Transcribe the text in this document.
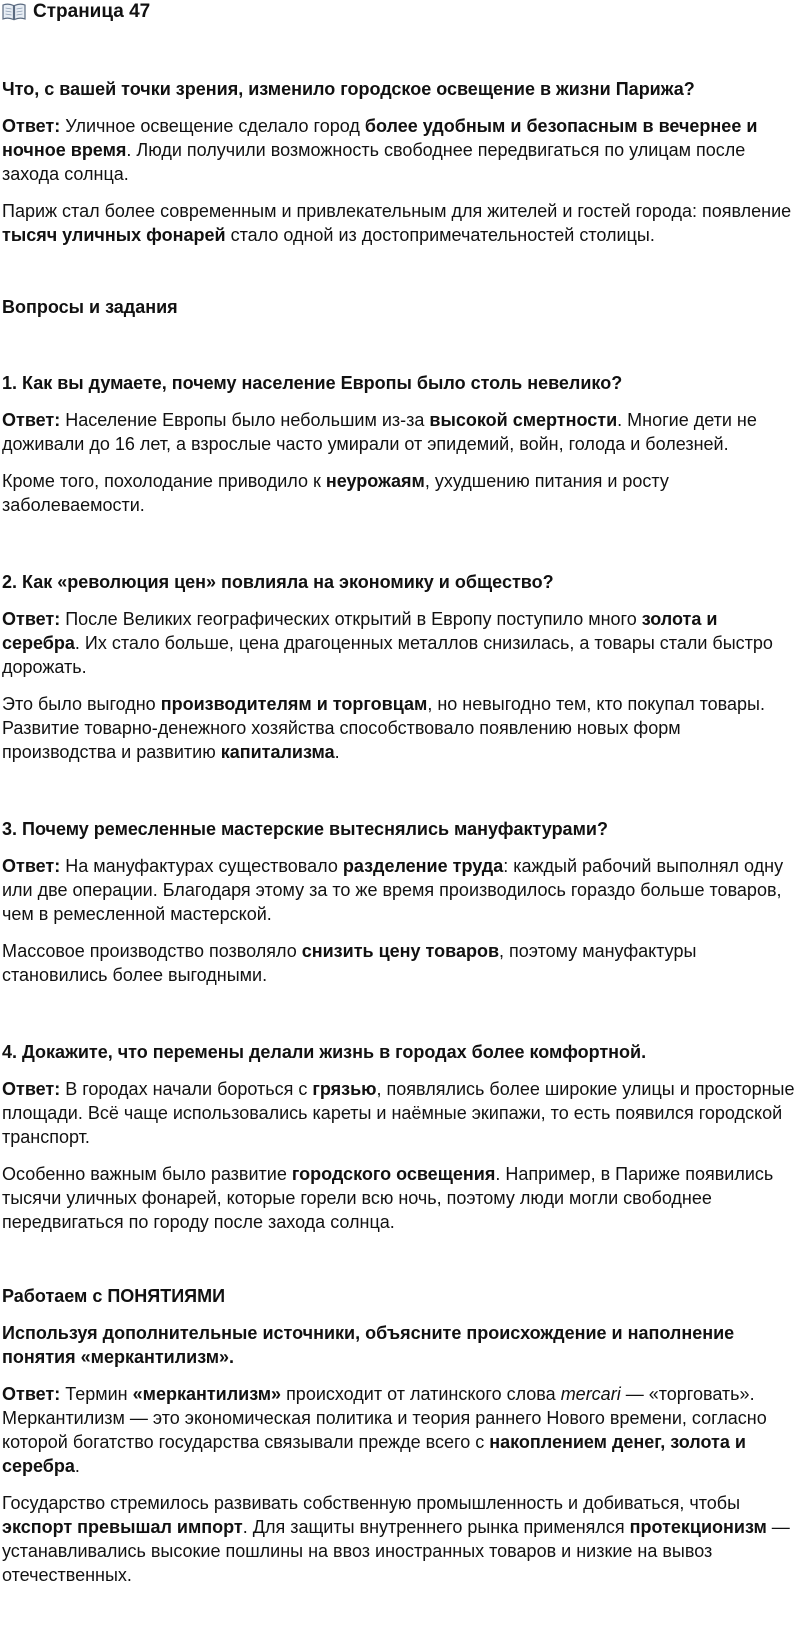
Страница 47

Что, с вашей точки зрения, изменило городское освещение в жизни Парижа?

Ответ: Уличное освещение сделало город более удобным и безопасным в вечернее и ночное время. Люди получили возможность свободнее передвигаться по улицам после захода солнца.

Париж стал более современным и привлекательным для жителей и гостей города: появление тысяч уличных фонарей стало одной из достопримечательностей столицы.

Вопросы и задания

1. Как вы думаете, почему население Европы было столь невелико?

Ответ: Население Европы было небольшим из-за высокой смертности. Многие дети не доживали до 16 лет, а взрослые часто умирали от эпидемий, войн, голода и болезней.

Кроме того, похолодание приводило к неурожаям, ухудшению питания и росту заболеваемости.

2. Как «революция цен» повлияла на экономику и общество?

Ответ: После Великих географических открытий в Европу поступило много золота и серебра. Их стало больше, цена драгоценных металлов снизилась, а товары стали быстро дорожать.

Это было выгодно производителям и торговцам, но невыгодно тем, кто покупал товары. Развитие товарно-денежного хозяйства способствовало появлению новых форм производства и развитию капитализма.

3. Почему ремесленные мастерские вытеснялись мануфактурами?

Ответ: На мануфактурах существовало разделение труда: каждый рабочий выполнял одну или две операции. Благодаря этому за то же время производилось гораздо больше товаров, чем в ремесленной мастерской.

Массовое производство позволяло снизить цену товаров, поэтому мануфактуры становились более выгодными.

4. Докажите, что перемены делали жизнь в городах более комфортной.

Ответ: В городах начали бороться с грязью, появлялись более широкие улицы и просторные площади. Всё чаще использовались кареты и наёмные экипажи, то есть появился городской транспорт.

Особенно важным было развитие городского освещения. Например, в Париже появились тысячи уличных фонарей, которые горели всю ночь, поэтому люди могли свободнее передвигаться по городу после захода солнца.

Работаем с ПОНЯТИЯМИ

Используя дополнительные источники, объясните происхождение и наполнение понятия «меркантилизм».

Ответ: Термин «меркантилизм» происходит от латинского слова mercari — «торговать». Меркантилизм — это экономическая политика и теория раннего Нового времени, согласно которой богатство государства связывали прежде всего с накоплением денег, золота и серебра.

Государство стремилось развивать собственную промышленность и добиваться, чтобы экспорт превышал импорт. Для защиты внутреннего рынка применялся протекционизм — устанавливались высокие пошлины на ввоз иностранных товаров и низкие на вывоз отечественных.
